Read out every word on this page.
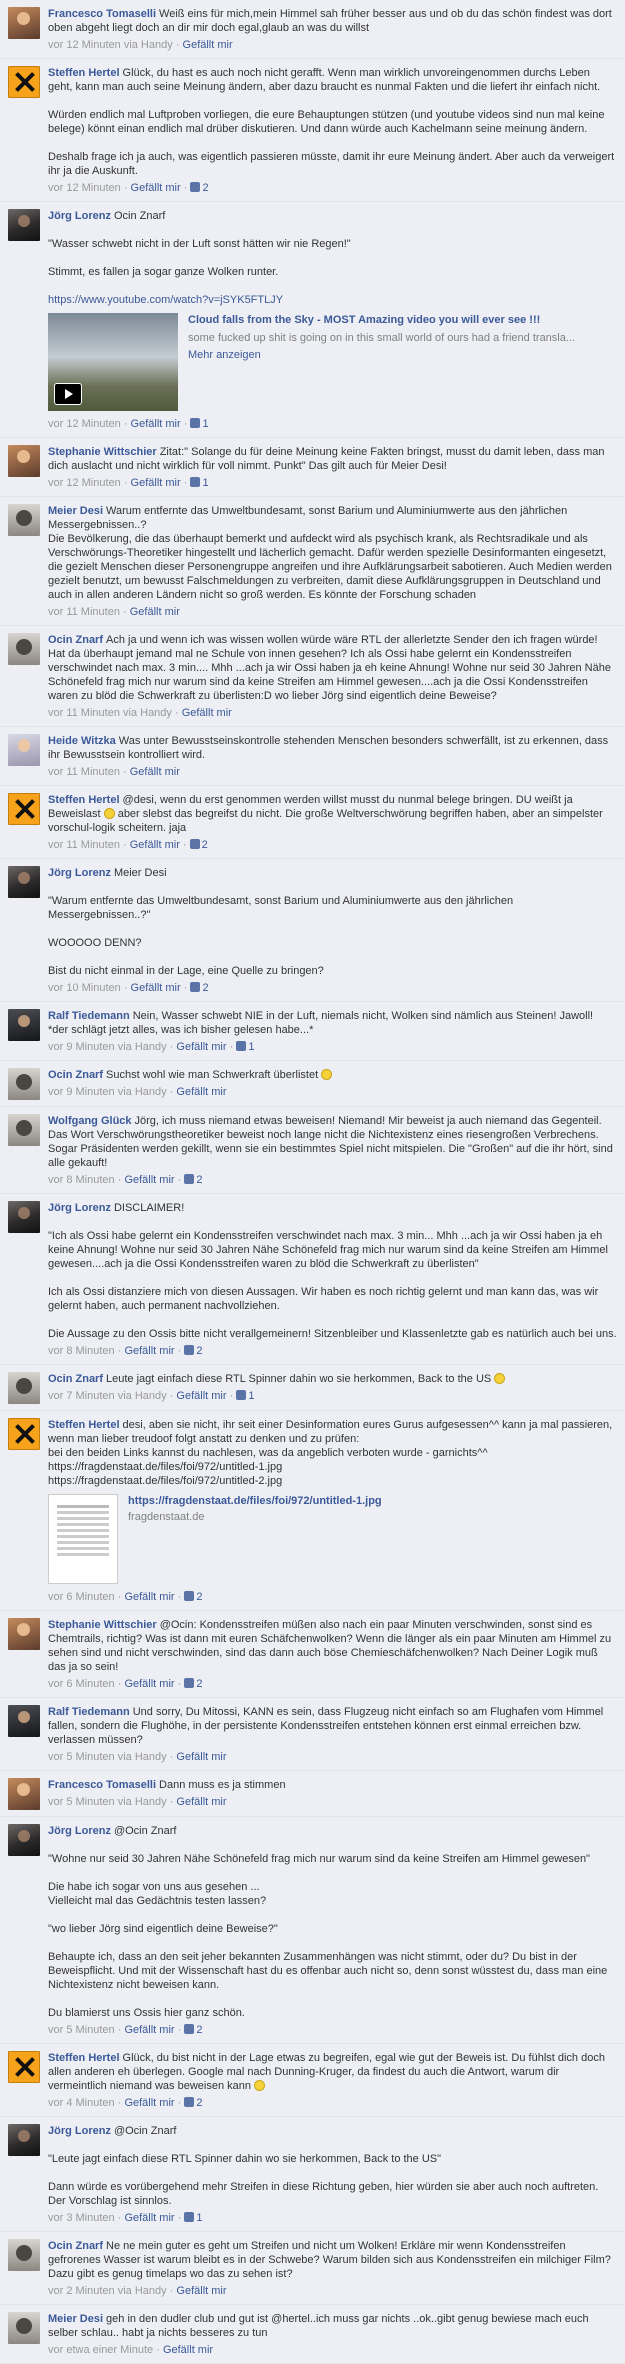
Francesco Tomaselli Weiß eins für mich,mein Himmel sah früher besser aus und ob du das schön findest was dort oben abgeht liegt doch an dir mir doch egal,glaub an was du willst
vor 12 Minuten via Handy · Gefällt mir
Steffen Hertel Glück, du hast es auch noch nicht gerafft. Wenn man wirklich unvoreingenommen durchs Leben geht, kann man auch seine Meinung ändern, aber dazu braucht es nunmal Fakten und die liefert ihr einfach nicht.
Würden endlich mal Luftproben vorliegen, die eure Behauptungen stützen (und youtube videos sind nun mal keine belege) könnt einan endlich mal drüber diskutieren. Und dann würde auch Kachelmann seine meinung ändern.
Deshalb frage ich ja auch, was eigentlich passieren müsste, damit ihr eure Meinung ändert. Aber auch da verweigert ihr ja die Auskunft.
vor 12 Minuten · Gefällt mir · 2
Jörg Lorenz Ocin Znarf
"Wasser schwebt nicht in der Luft sonst hätten wir nie Regen!"
Stimmt, es fallen ja sogar ganze Wolken runter.
https://www.youtube.com/watch?v=jSYK5FTLJY
Cloud falls from the Sky - MOST Amazing video you will ever see !!!
some fucked up shit is going on in this small world of ours had a friend transla...
Mehr anzeigen
vor 12 Minuten · Gefällt mir · 1
Stephanie Wittschier Zitat:" Solange du für deine Meinung keine Fakten bringst, musst du damit leben, dass man dich auslacht und nicht wirklich für voll nimmt. Punkt" Das gilt auch für Meier Desi!
vor 12 Minuten · Gefällt mir · 1
Meier Desi Warum entfernte das Umweltbundesamt, sonst Barium und Aluminiumwerte aus den jährlichen Messergebnissen..?
Die Bevölkerung, die das überhaupt bemerkt und aufdeckt wird als psychisch krank, als Rechtsradikale und als Verschwörungs-Theoretiker hingestellt und lächerlich gemacht. Dafür werden spezielle Desinformanten eingesetzt, die gezielt Menschen dieser Personengruppe angreifen und ihre Aufklärungsarbeit sabotieren. Auch Medien werden gezielt benutzt, um bewusst Falschmeldungen zu verbreiten, damit diese Aufklärungsgruppen in Deutschland und auch in allen anderen Ländern nicht so groß werden. Es könnte der Forschung schaden
vor 11 Minuten · Gefällt mir
Ocin Znarf Ach ja und wenn ich was wissen wollen würde wäre RTL der allerletzte Sender den ich fragen würde! Hat da überhaupt jemand mal ne Schule von innen gesehen? Ich als Ossi habe gelernt ein Kondensstreifen verschwindet nach max. 3 min.... Mhh ...ach ja wir Ossi haben ja eh keine Ahnung! Wohne nur seid 30 Jahren Nähe Schönefeld frag mich nur warum sind da keine Streifen am Himmel gewesen....ach ja die Ossi Kondensstreifen waren zu blöd die Schwerkraft zu überlisten:D wo lieber Jörg sind eigentlich deine Beweise?
vor 11 Minuten via Handy · Gefällt mir
Heide Witzka Was unter Bewusstseinskontrolle stehenden Menschen besonders schwerfällt, ist zu erkennen, dass ihr Bewusstsein kontrolliert wird.
vor 11 Minuten · Gefällt mir
Steffen Hertel @desi, wenn du erst genommen werden willst musst du nunmal belege bringen. DU weißt ja Beweislast  aber slebst das begreifst du nicht. Die große Weltverschwörung begriffen haben, aber an simpelster vorschul-logik scheitern. jaja
vor 11 Minuten · Gefällt mir · 2
Jörg Lorenz Meier Desi
"Warum entfernte das Umweltbundesamt, sonst Barium und Aluminiumwerte aus den jährlichen Messergebnissen..?"
WOOOOO DENN?
Bist du nicht einmal in der Lage, eine Quelle zu bringen?
vor 10 Minuten · Gefällt mir · 2
Ralf Tiedemann Nein, Wasser schwebt NIE in der Luft, niemals nicht, Wolken sind nämlich aus Steinen! Jawoll!
*der schlägt jetzt alles, was ich bisher gelesen habe...*
vor 9 Minuten via Handy · Gefällt mir · 1
Ocin Znarf Suchst wohl wie man Schwerkraft überlistet
vor 9 Minuten via Handy · Gefällt mir
Wolfgang Glück Jörg, ich muss niemand etwas beweisen! Niemand! Mir beweist ja auch niemand das Gegenteil. Das Wort Verschwörungstheoretiker beweist noch lange nicht die Nichtexistenz eines riesengroßen Verbrechens. Sogar Präsidenten werden gekillt, wenn sie ein bestimmtes Spiel nicht mitspielen. Die "Großen" auf die ihr hört, sind alle gekauft!
vor 8 Minuten · Gefällt mir · 2
Jörg Lorenz DISCLAIMER!
"Ich als Ossi habe gelernt ein Kondensstreifen verschwindet nach max. 3 min... Mhh ...ach ja wir Ossi haben ja eh keine Ahnung! Wohne nur seid 30 Jahren Nähe Schönefeld frag mich nur warum sind da keine Streifen am Himmel gewesen....ach ja die Ossi Kondensstreifen waren zu blöd die Schwerkraft zu überlisten"
Ich als Ossi distanziere mich von diesen Aussagen. Wir haben es noch richtig gelernt und man kann das, was wir gelernt haben, auch permanent nachvollziehen.
Die Aussage zu den Ossis bitte nicht verallgemeinern! Sitzenbleiber und Klassenletzte gab es natürlich auch bei uns.
vor 8 Minuten · Gefällt mir · 2
Ocin Znarf Leute jagt einfach diese RTL Spinner dahin wo sie herkommen, Back to the US
vor 7 Minuten via Handy · Gefällt mir · 1
Steffen Hertel desi, aben sie nicht, ihr seit einer Desinformation eures Gurus aufgesessen^^ kann ja mal passieren, wenn man lieber treudoof folgt anstatt zu denken und zu prüfen:
bei den beiden Links kannst du nachlesen, was da angeblich verboten wurde - garnichts^^
https://fragdenstaat.de/files/foi/972/untitled-1.jpg
https://fragdenstaat.de/files/foi/972/untitled-2.jpg
https://fragdenstaat.de/files/foi/972/untitled-1.jpg
fragdenstaat.de
vor 6 Minuten · Gefällt mir · 2
Stephanie Wittschier @Ocin: Kondensstreifen müßen also nach ein paar Minuten verschwinden, sonst sind es Chemtrails, richtig? Was ist dann mit euren Schäfchenwolken? Wenn die länger als ein paar Minuten am Himmel zu sehen sind und nicht verschwinden, sind das dann auch böse Chemieschäfchenwolken? Nach Deiner Logik muß das ja so sein!
vor 6 Minuten · Gefällt mir · 2
Ralf Tiedemann Und sorry, Du Mitossi, KANN es sein, dass Flugzeug nicht einfach so am Flughafen vom Himmel fallen, sondern die Flughöhe, in der persistente Kondensstreifen entstehen können erst einmal erreichen bzw. verlassen müssen?
vor 5 Minuten via Handy · Gefällt mir
Francesco Tomaselli Dann muss es ja stimmen
vor 5 Minuten via Handy · Gefällt mir
Jörg Lorenz @Ocin Znarf
"Wohne nur seid 30 Jahren Nähe Schönefeld frag mich nur warum sind da keine Streifen am Himmel gewesen"
Die habe ich sogar von uns aus gesehen ...
Vielleicht mal das Gedächtnis testen lassen?
"wo lieber Jörg sind eigentlich deine Beweise?"
Behaupte ich, dass an den seit jeher bekannten Zusammenhängen was nicht stimmt, oder du? Du bist in der Beweispflicht. Und mit der Wissenschaft hast du es offenbar auch nicht so, denn sonst wüsstest du, dass man eine Nichtexistenz nicht beweisen kann.
Du blamierst uns Ossis hier ganz schön.
vor 5 Minuten · Gefällt mir · 2
Steffen Hertel Glück, du bist nicht in der Lage etwas zu begreifen, egal wie gut der Beweis ist. Du fühlst dich doch allen anderen eh überlegen. Google mal nach Dunning-Kruger, da findest du auch die Antwort, warum dir vermeintlich niemand was beweisen kann
vor 4 Minuten · Gefällt mir · 2
Jörg Lorenz @Ocin Znarf
"Leute jagt einfach diese RTL Spinner dahin wo sie herkommen, Back to the US"
Dann würde es vorübergehend mehr Streifen in diese Richtung geben, hier würden sie aber auch noch auftreten. Der Vorschlag ist sinnlos.
vor 3 Minuten · Gefällt mir · 1
Ocin Znarf Ne ne mein guter es geht um Streifen und nicht um Wolken! Erkläre mir wenn Kondensstreifen gefrorenes Wasser ist warum bleibt es in der Schwebe? Warum bilden sich aus Kondensstreifen ein milchiger Film? Dazu gibt es genug timelaps wo das zu sehen ist?
vor 2 Minuten via Handy · Gefällt mir
Meier Desi geh in den dudler club und gut ist @hertel..ich muss gar nichts ..ok..gibt genug bewiese mach euch selber schlau.. habt ja nichts besseres zu tun
vor etwa einer Minute · Gefällt mir
